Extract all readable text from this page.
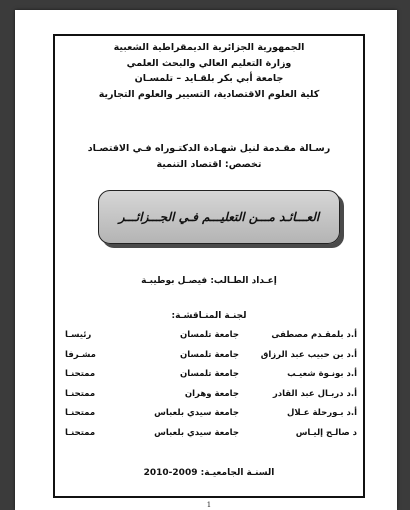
الجمهورية الجزائرية الديمقراطية الشعبية
وزارة التعليم العالي والبحث العلمي
جامعة أبي بكر بلقـايد – تلمسـان
كلية العلوم الاقتصادية، التسيير والعلوم التجارية
رسـالة مقـدمة لنيل شهـادة الدكتـوراه فـي الاقتصـاد
تخصص: اقتصاد التنمية
العـــائـد مـــن التعليـــم فـي الجـــزائـــر
إعـداد الطـالب: فيصـل بوطيبـة
لجنـة المنـاقشـة:
أ.د بلمقـدم مصطفى
جامعة تلمسان
رئيسـا
أ.د بن حبيب عبد الرزاق
جامعة تلمسان
مشـرفا
أ.د بونـوة شعيـب
جامعة تلمسان
ممتحنـا
أ.د دربـال عبد القادر
جامعة وهران
ممتحنـا
أ.د بـورحلة عـلال
جامعة سيدي بلعباس
ممتحنـا
د صالـح إليـاس
جامعة سيدي بلعباس
ممتحنـا
السنـة الجامعيـة: 2009-2010
1
